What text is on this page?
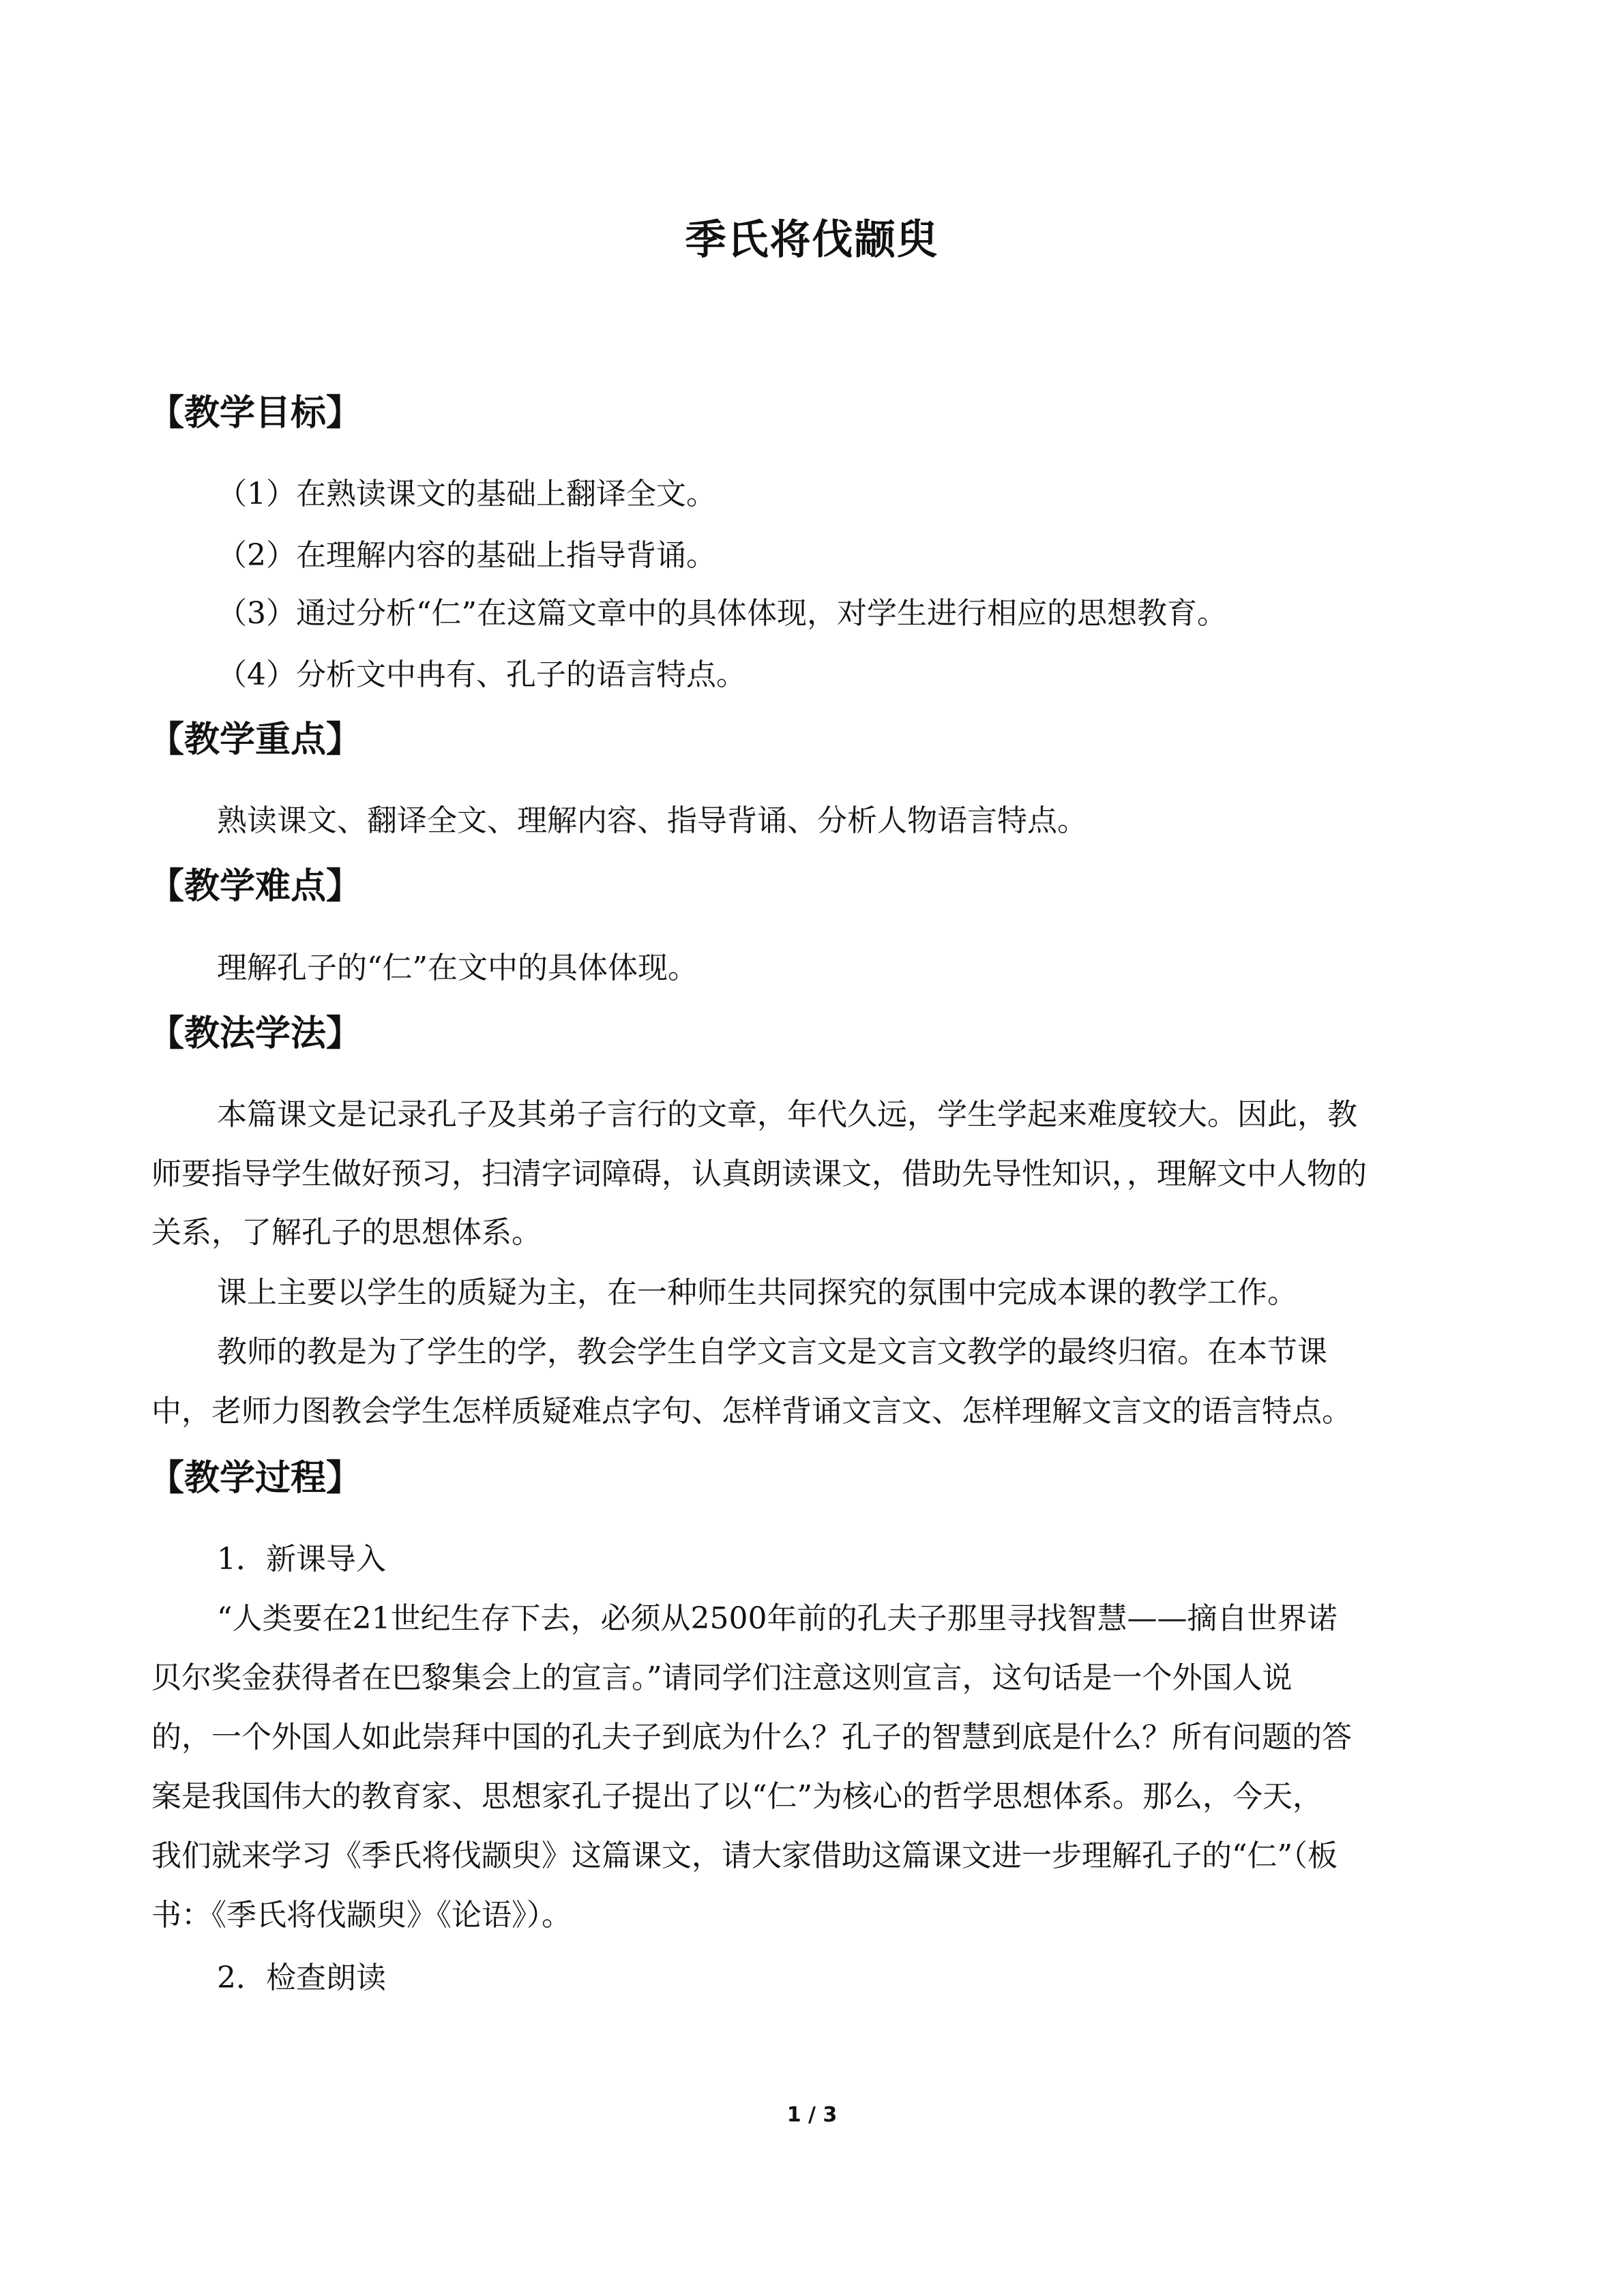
季氏将伐颛臾
【教学目标】
（1）在熟读课文的基础上翻译全文。
（2）在理解内容的基础上指导背诵。
（3）通过分析“仁”在这篇文章中的具体体现，对学生进行相应的思想教育。
（4）分析文中冉有、孔子的语言特点。
【教学重点】
熟读课文、翻译全文、理解内容、指导背诵、分析人物语言特点。
【教学难点】
理解孔子的“仁”在文中的具体体现。
【教法学法】
本篇课文是记录孔子及其弟子言行的文章，年代久远，学生学起来难度较大。因此，教
师要指导学生做好预习，扫清字词障碍，认真朗读课文，借助先导性知识，，理解文中人物的
关系，了解孔子的思想体系。
课上主要以学生的质疑为主，在一种师生共同探究的氛围中完成本课的教学工作。
教师的教是为了学生的学，教会学生自学文言文是文言文教学的最终归宿。在本节课
中，老师力图教会学生怎样质疑难点字句、怎样背诵文言文、怎样理解文言文的语言特点。
【教学过程】
1．新课导入
“人类要在21世纪生存下去，必须从2500年前的孔夫子那里寻找智慧——摘自世界诺
贝尔奖金获得者在巴黎集会上的宣言。”请同学们注意这则宣言，这句话是一个外国人说
的，一个外国人如此崇拜中国的孔夫子到底为什么？孔子的智慧到底是什么？所有问题的答
案是我国伟大的教育家、思想家孔子提出了以“仁”为核心的哲学思想体系。那么，今天，
我们就来学习《季氏将伐颛臾》这篇课文，请大家借助这篇课文进一步理解孔子的“仁”（板
书：《季氏将伐颛臾》《论语》）。
2．检查朗读
1 / 3
